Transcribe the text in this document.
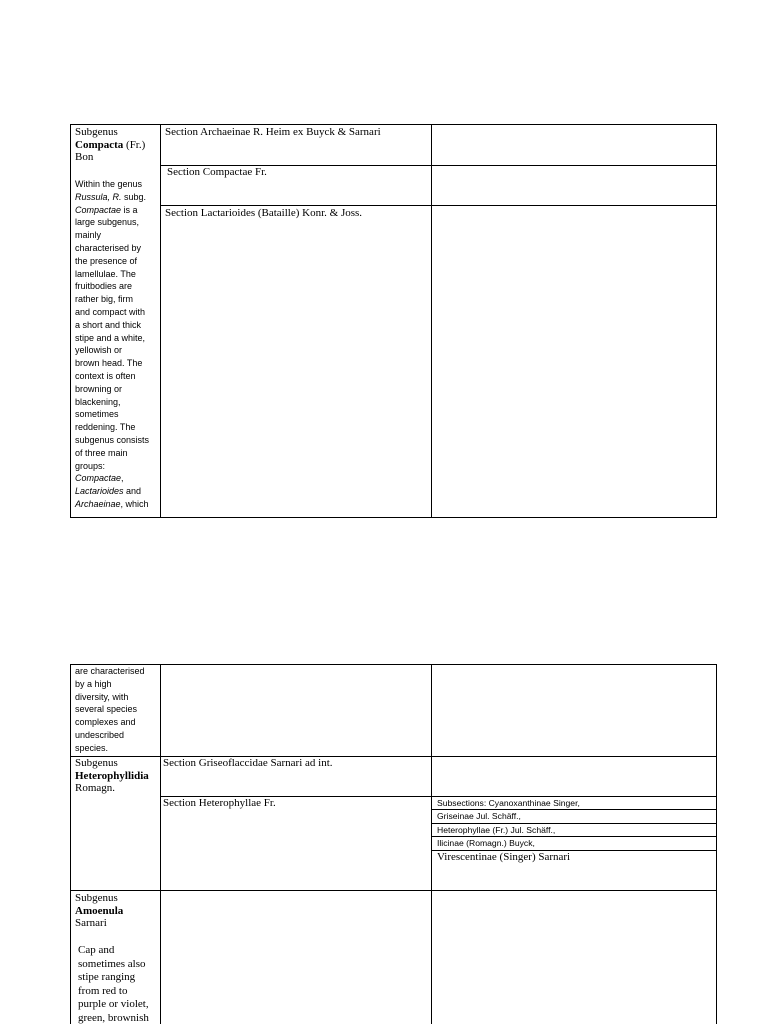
Subgenus
Compacta (Fr.)
Bon
Within the genus
Russula, R. subg.
Compactae is a
large subgenus,
mainly
characterised by
the presence of
lamellulae. The
fruitbodies are
rather big, firm
and compact with
a short and thick
stipe and a white,
yellowish or
brown head. The
context is often
browning or
blackening,
sometimes
reddening. The
subgenus consists
of three main
groups:
Compactae,
Lactarioides and
Archaeinae, which
Section Archaeinae R. Heim ex Buyck & Sarnari
Section Compactae Fr.
Section Lactarioides (Bataille) Konr. & Joss.
are characterised
by a high
diversity, with
several species
complexes and
undescribed
species.
Subgenus
Heterophyllidia
Romagn.
Section Griseoflaccidae Sarnari ad int.
Section Heterophyllae Fr.	Subsections: Cyanoxanthinae Singer,
Griseinae Jul. Schäff.,
Heterophyllae (Fr.) Jul. Schäff.,
Ilicinae (Romagn.) Buyck,
Virescentinae (Singer) Sarnari
Subgenus
Amoenula
Sarnari
Cap and
sometimes also
stipe ranging
from red to
purple or violet,
green, brownish
